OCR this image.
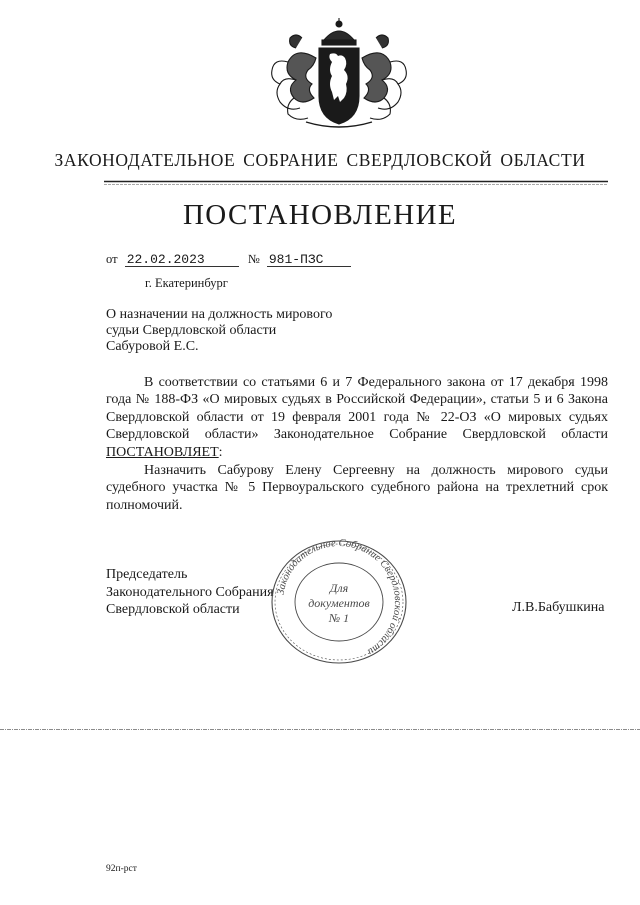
ЗАКОНОДАТЕЛЬНОЕ СОБРАНИЕ СВЕРДЛОВСКОЙ ОБЛАСТИ
ПОСТАНОВЛЕНИЕ
от 22.02.2023	№ 981-ПЗС
г. Екатеринбург
О назначении на должность мирового судьи Свердловской области Сабуровой Е.С.
В соответствии со статьями 6 и 7 Федерального закона от 17 декабря 1998 года № 188-ФЗ «О мировых судьях в Российской Федерации», статьи 5 и 6 Закона Свердловской области от 19 февраля 2001 года № 22-ОЗ «О мировых судьях Свердловской области» Законодательное Собрание Свердловской области ПОСТАНОВЛЯЕТ:
Назначить Сабурову Елену Сергеевну на должность мирового судьи судебного участка № 5 Первоуральского судебного района на трехлетний срок полномочий.
Председатель
Законодательного Собрания
Свердловской области	Л.В.Бабушкина
Законодательное Собрание Свердловской области
Для
документов
№ 1
92п-рст
